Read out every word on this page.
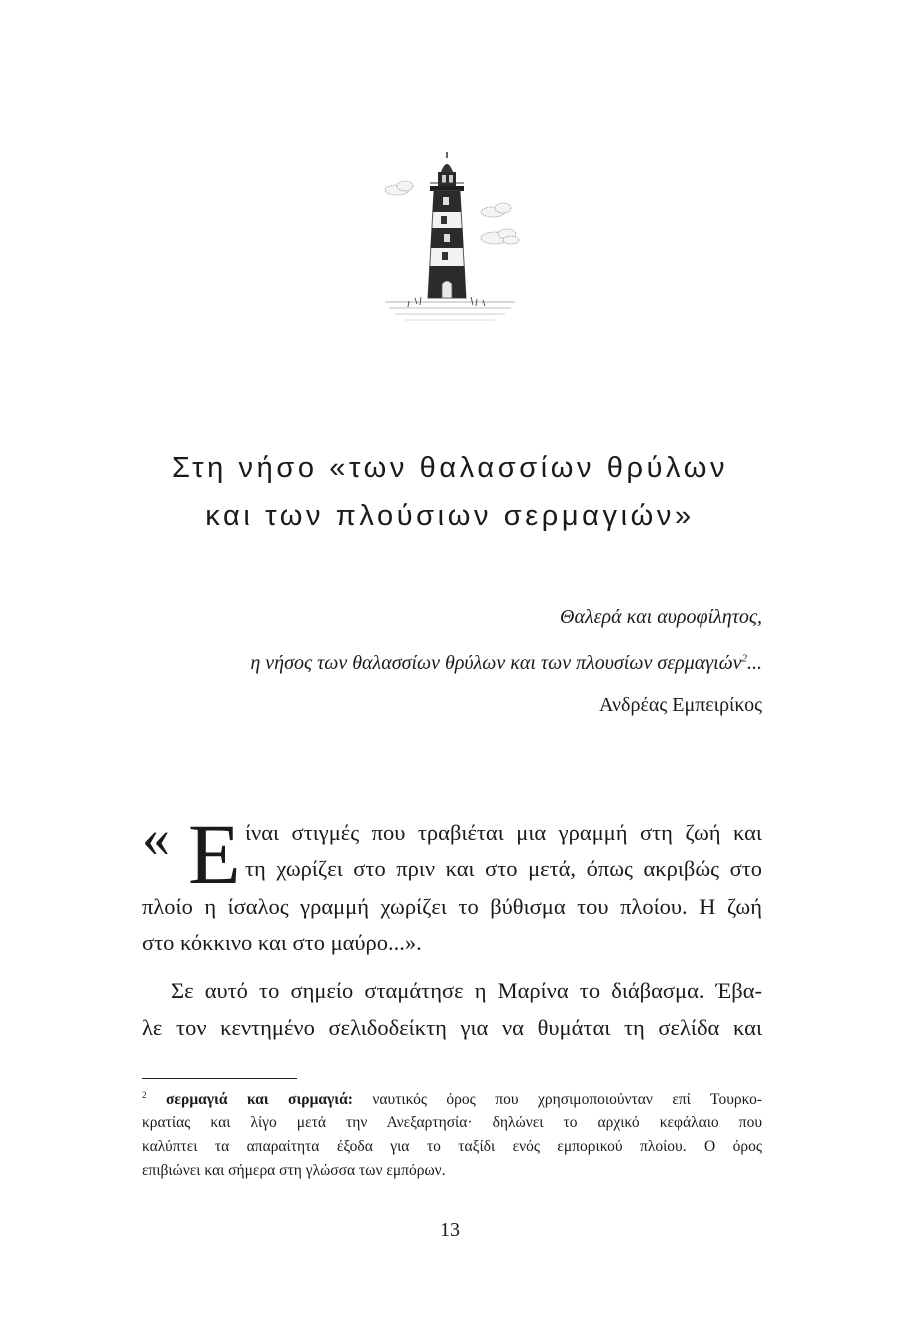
Στη νήσο «των θαλασσίων θρύλων
και των πλούσιων σερμαγιών»
Θαλερά και αυροφίλητος,
η νήσος των θαλασσίων θρύλων και των πλουσίων σερμαγιών$^2$...
Ανδρέας Εμπειρίκος
« Ε ίναι στιγμές που τραβιέται μια γραμμή στη ζωή και
τη χωρίζει στο πριν και στο μετά, όπως ακριβώς στο
πλοίο η ίσαλος γραμμή χωρίζει το βύθισμα του πλοίου. Η ζωή
στο κόκκινο και στο μαύρο...».
Σε αυτό το σημείο σταμάτησε η Μαρίνα το διάβασμα. Έβα-
λε τον κεντημένο σελιδοδείκτη για να θυμάται τη σελίδα και
$^2$ σερμαγιά και σιρμαγιά: ναυτικός όρος που χρησιμοποιούνταν επί Τουρκο-
κρατίας και λίγο μετά την Ανεξαρτησία· δηλώνει το αρχικό κεφάλαιο που
καλύπτει τα απαραίτητα έξοδα για το ταξίδι ενός εμπορικού πλοίου. Ο όρος
επιβιώνει και σήμερα στη γλώσσα των εμπόρων.
13
